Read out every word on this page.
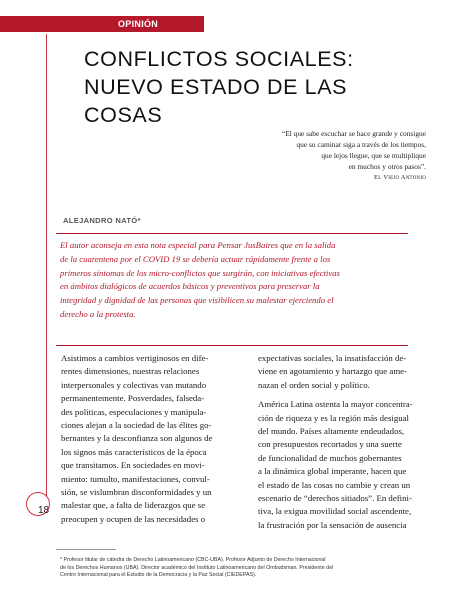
OPINIÓN
CONFLICTOS SOCIALES:
NUEVO ESTADO DE LAS
COSAS
“El que sabe escuchar se hace grande y consigue
que su caminar siga a través de los tiempos,
que lejos llegue, que se multiplique
en muchos y otros pasos”.
El Viejo Antonio
ALEJANDRO NATÓ*
El autor aconseja en esta nota especial para Pensar JusBaires que en la salida
de la cuarentena por el COVID 19 se debería actuar rápidamente frente a los
primeros síntomas de los micro-conflictos que surgirán, con iniciativas efectivas
en ámbitos dialógicos de acuerdos básicos y preventivos para preservar la
integridad y dignidad de las personas que visibilicen su malestar ejerciendo el
derecho a la protesta.
Asistimos a cambios vertiginosos en dife-
rentes dimensiones, nuestras relaciones
interpersonales y colectivas van mutando
permanentemente. Posverdades, falseda-
des políticas, especulaciones y manipula-
ciones alejan a la sociedad de las élites go-
bernantes y la desconfianza son algunos de
los signos más característicos de la época
que transitamos. En sociedades en movi-
miento: tumulto, manifestaciones, convul-
sión, se vislumbran disconformidades y un
malestar que, a falta de liderazgos que se
preocupen y ocupen de las necesidades o
expectativas sociales, la insatisfacción de-
viene en agotamiento y hartazgo que ame-
nazan el orden social y político.
América Latina ostenta la mayor concentra-
ción de riqueza y es la región más desigual
del mundo. Países altamente endeudados,
con presupuestos recortados y una suerte
de funcionalidad de muchos gobernantes
a la dinámica global imperante, hacen que
el estado de las cosas no cambie y crean un
escenario de “derechos sitiados”. En defini-
tiva, la exigua movilidad social ascendente,
la frustración por la sensación de ausencia
18
* Profesor titular de cátedra de Derecho Latinoamericano (CBC-UBA). Profesor Adjunto de Derecho Internacional
de los Derechos Humanos (UBA). Director académico del Instituto Latinoamericano del Ombudsman. Presidente del
Centro Internacional para el Estudio de la Democracia y la Paz Social (CIEDEPAS).
